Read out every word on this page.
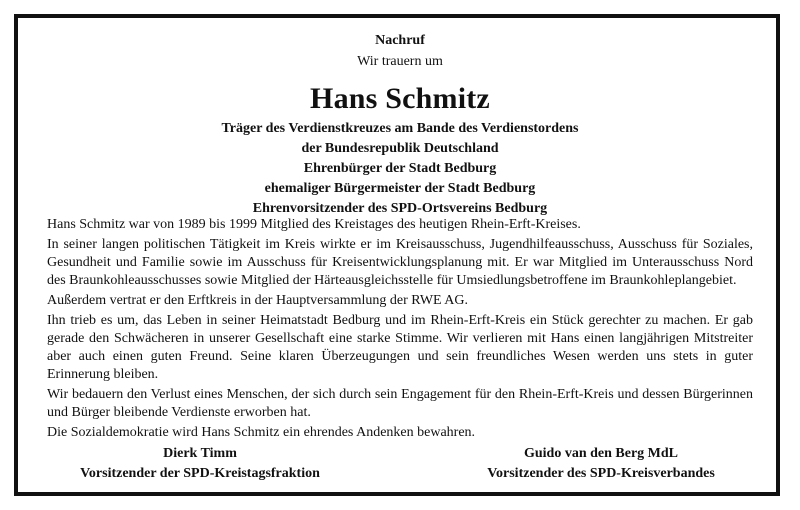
Nachruf
Wir trauern um
Hans Schmitz
Träger des Verdienstkreuzes am Bande des Verdienstordens
der Bundesrepublik Deutschland
Ehrenbürger der Stadt Bedburg
ehemaliger Bürgermeister der Stadt Bedburg
Ehrenvorsitzender des SPD-Ortsvereins Bedburg

Hans Schmitz war von 1989 bis 1999 Mitglied des Kreistages des heutigen Rhein-Erft-Kreises.

In seiner langen politischen Tätigkeit im Kreis wirkte er im Kreisausschuss, Jugendhilfeausschuss, Ausschuss für Soziales, Gesundheit und Familie sowie im Ausschuss für Kreisentwicklungsplanung mit. Er war Mitglied im Unterausschuss Nord des Braunkohleausschusses sowie Mitglied der Härteausgleichsstelle für Umsiedlungsbetroffene im Braunkohleplangebiet.

Außerdem vertrat er den Erftkreis in der Hauptversammlung der RWE AG.

Ihn trieb es um, das Leben in seiner Heimatstadt Bedburg und im Rhein-Erft-Kreis ein Stück gerechter zu machen. Er gab gerade den Schwächeren in unserer Gesellschaft eine starke Stimme. Wir verlieren mit Hans einen langjährigen Mitstreiter aber auch einen guten Freund. Seine klaren Überzeugungen und sein freundliches Wesen werden uns stets in guter Erinnerung bleiben.

Wir bedauern den Verlust eines Menschen, der sich durch sein Engagement für den Rhein-Erft-Kreis und dessen Bürgerinnen und Bürger bleibende Verdienste erworben hat.

Die Sozialdemokratie wird Hans Schmitz ein ehrendes Andenken bewahren.

Dierk Timm
Vorsitzender der SPD-Kreistagsfraktion
Guido van den Berg MdL
Vorsitzender des SPD-Kreisverbandes
